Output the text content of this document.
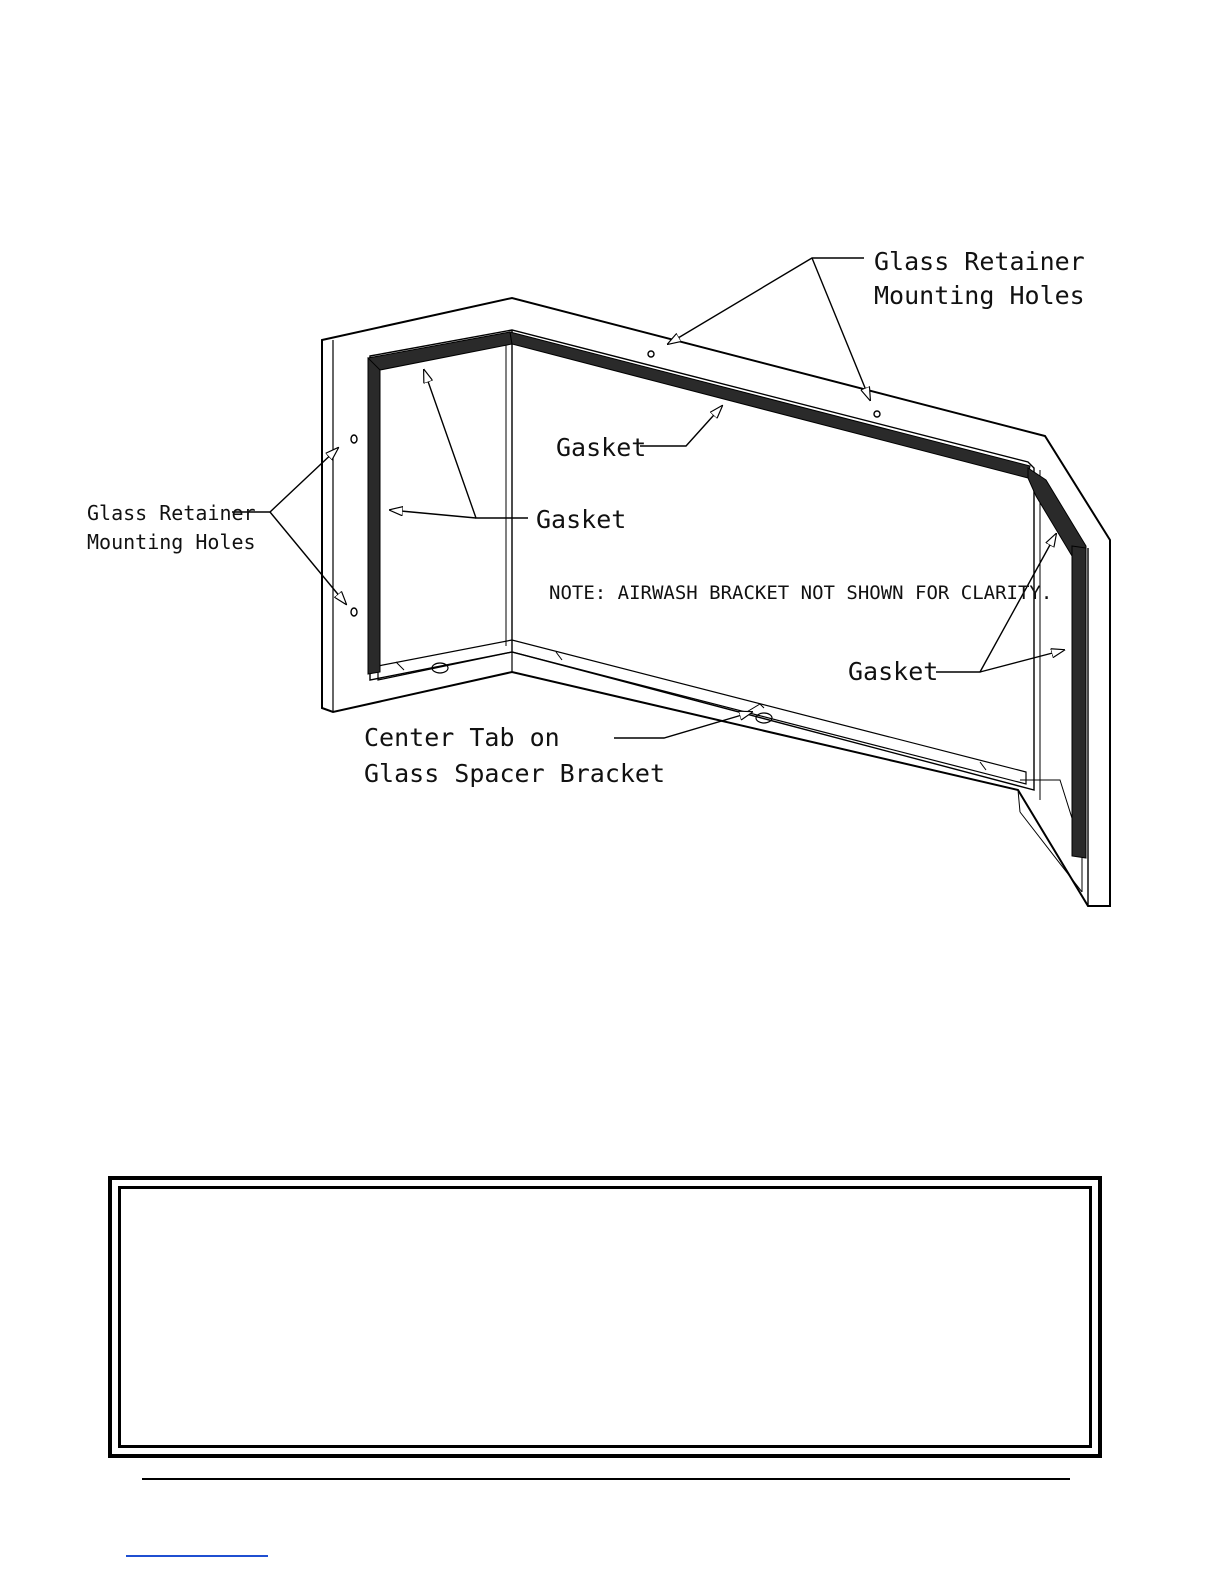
Glass Retainer
Mounting Holes
Gasket
Gasket
Glass Retainer
Mounting Holes
NOTE: AIRWASH BRACKET NOT SHOWN FOR CLARITY.
Gasket
Center Tab on
Glass Spacer Bracket
